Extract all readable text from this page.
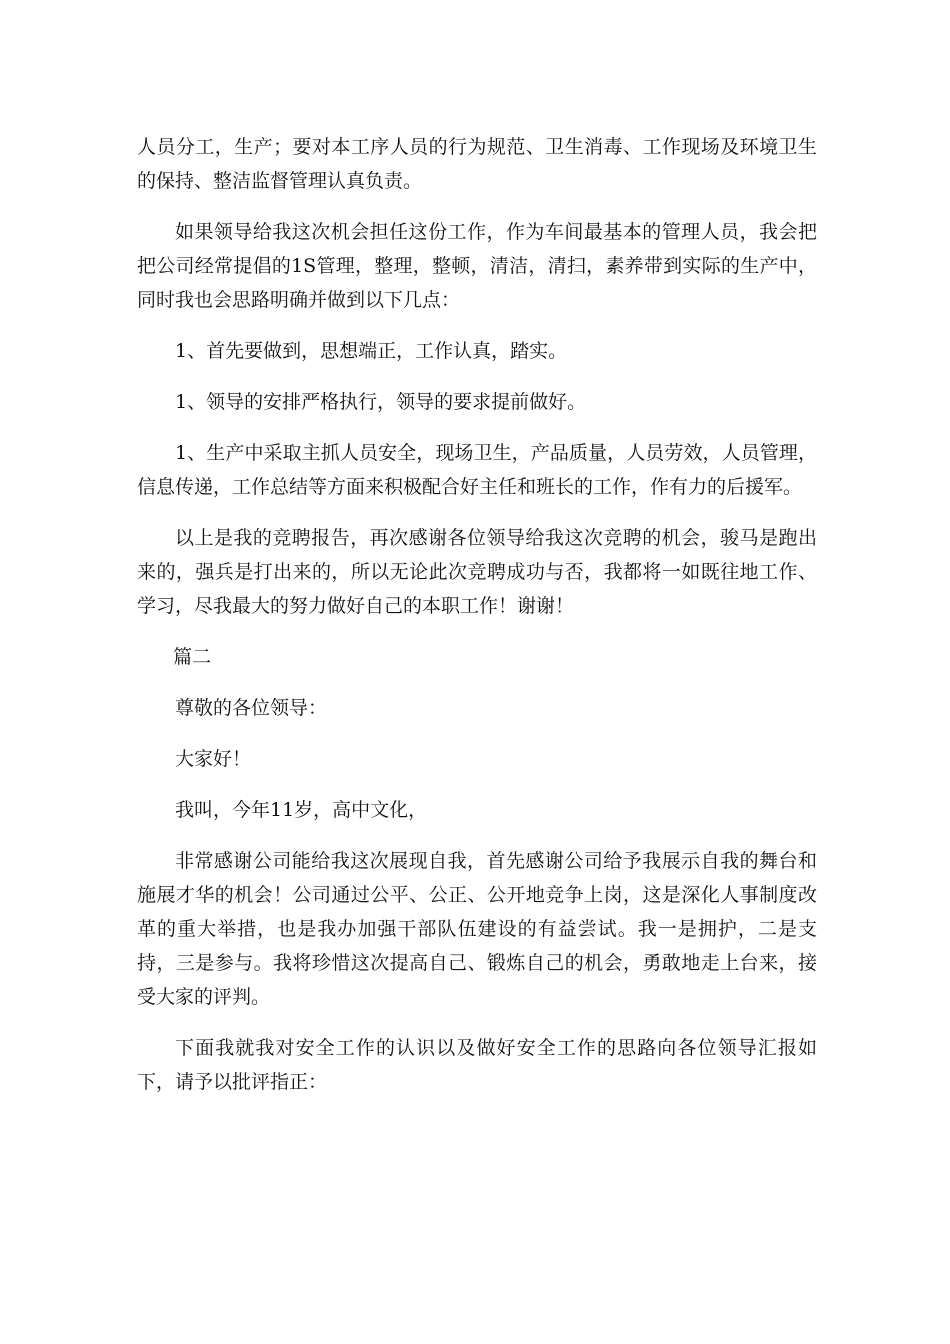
人员分工，生产；要对本工序人员的行为规范、卫生消毒、工作现场及环境卫生的保持、整洁监督管理认真负责。

如果领导给我这次机会担任这份工作，作为车间最基本的管理人员，我会把把公司经常提倡的1S管理，整理，整顿，清洁，清扫，素养带到实际的生产中，同时我也会思路明确并做到以下几点：

1、首先要做到，思想端正，工作认真，踏实。

1、领导的安排严格执行，领导的要求提前做好。

1、生产中采取主抓人员安全，现场卫生，产品质量，人员劳效，人员管理，信息传递，工作总结等方面来积极配合好主任和班长的工作，作有力的后援军。

以上是我的竞聘报告，再次感谢各位领导给我这次竞聘的机会，骏马是跑出来的，强兵是打出来的，所以无论此次竞聘成功与否，我都将一如既往地工作、学习，尽我最大的努力做好自己的本职工作！谢谢！

篇二

尊敬的各位领导：

大家好！

我叫，今年11岁，高中文化，

非常感谢公司能给我这次展现自我，首先感谢公司给予我展示自我的舞台和施展才华的机会！公司通过公平、公正、公开地竞争上岗，这是深化人事制度改革的重大举措，也是我办加强干部队伍建设的有益尝试。我一是拥护，二是支持，三是参与。我将珍惜这次提高自己、锻炼自己的机会，勇敢地走上台来，接受大家的评判。

下面我就我对安全工作的认识以及做好安全工作的思路向各位领导汇报如下，请予以批评指正：
